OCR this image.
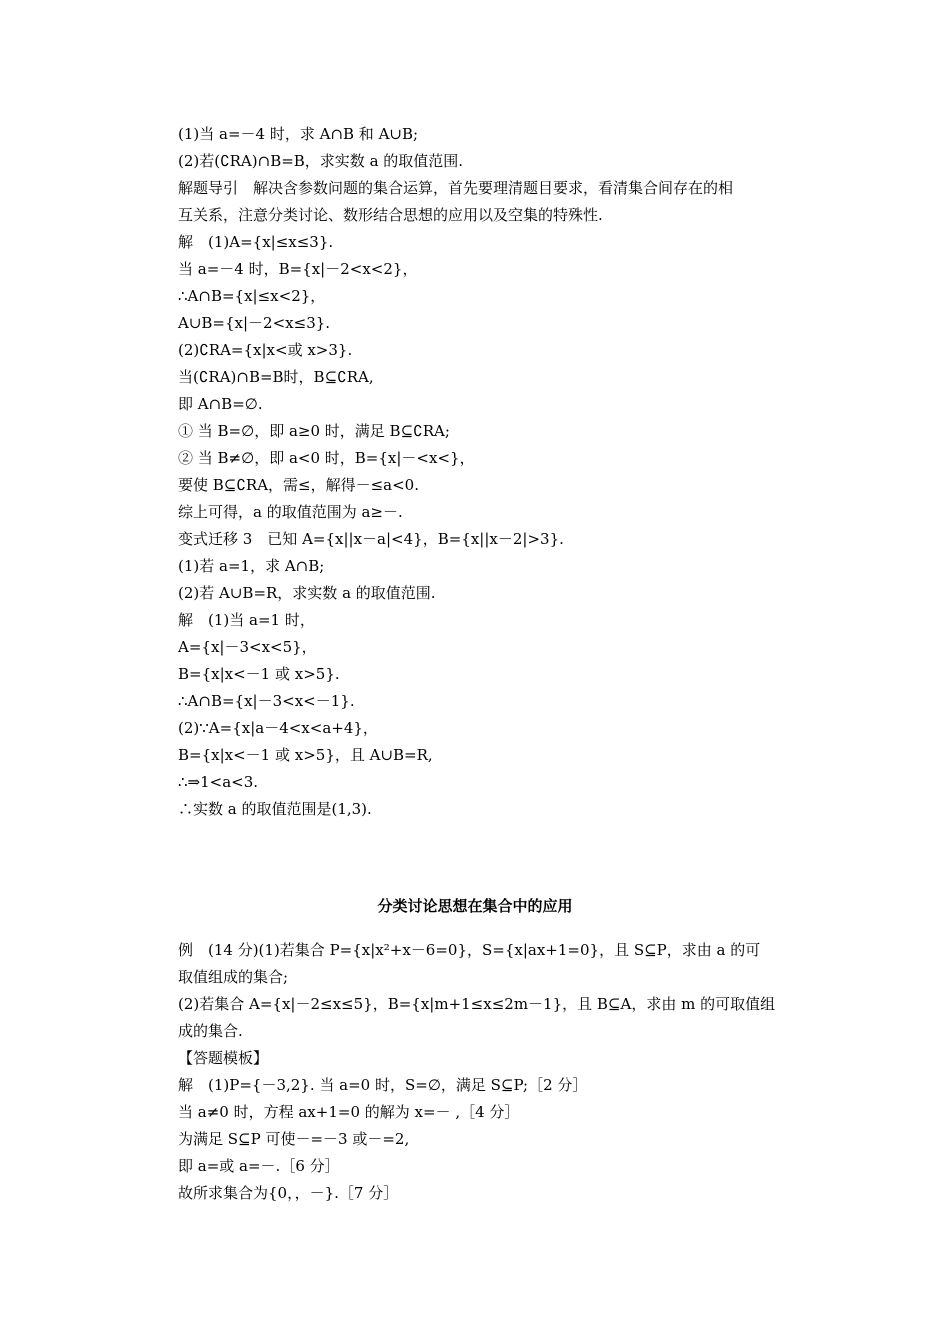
(1)当 a=－4 时，求 A∩B 和 A∪B;
(2)若(∁RA)∩B=B，求实数 a 的取值范围.
解题导引　解决含参数问题的集合运算，首先要理清题目要求，看清集合间存在的相
互关系，注意分类讨论、数形结合思想的应用以及空集的特殊性.
解　(1)A={x|≤x≤3}.
当 a=－4 时，B={x|－2<x<2}，
∴A∩B={x|≤x<2}，
A∪B={x|－2<x≤3}.
(2)∁RA={x|x<或 x>3}.
当(∁RA)∩B=B时，B⊆∁RA,
即 A∩B=∅.
① 当 B=∅，即 a≥0 时，满足 B⊆∁RA;
② 当 B≠∅，即 a<0 时，B={x|－<x<}，
要使 B⊆∁RA，需≤，解得－≤a<0.
综上可得，a 的取值范围为 a≥－.
变式迁移 3　已知 A={x||x－a|<4}，B={x||x－2|>3}.
(1)若 a=1，求 A∩B;
(2)若 A∪B=R，求实数 a 的取值范围.
解　(1)当 a=1 时，
A={x|－3<x<5}，
B={x|x<－1 或 x>5}.
∴A∩B={x|－3<x<－1}.
(2)∵A={x|a－4<x<a+4}，
B={x|x<－1 或 x>5}，且 A∪B=R,
∴⇒1<a<3.
∴实数 a 的取值范围是(1,3).
分类讨论思想在集合中的应用
例　(14 分)(1)若集合 P={x|x²+x－6=0}，S={x|ax+1=0}，且 S⊆P，求由 a 的可
取值组成的集合;
(2)若集合 A={x|－2≤x≤5}，B={x|m+1≤x≤2m－1}，且 B⊆A，求由 m 的可取值组
成的集合.
【答题模板】
解　(1)P={－3,2}. 当 a=0 时，S=∅，满足 S⊆P;［2 分］
当 a≠0 时，方程 ax+1=0 的解为 x=－ ,［4 分］
为满足 S⊆P 可使－=－3 或－=2,
即 a=或 a=－.［6 分］
故所求集合为{0，，－}.［7 分］
